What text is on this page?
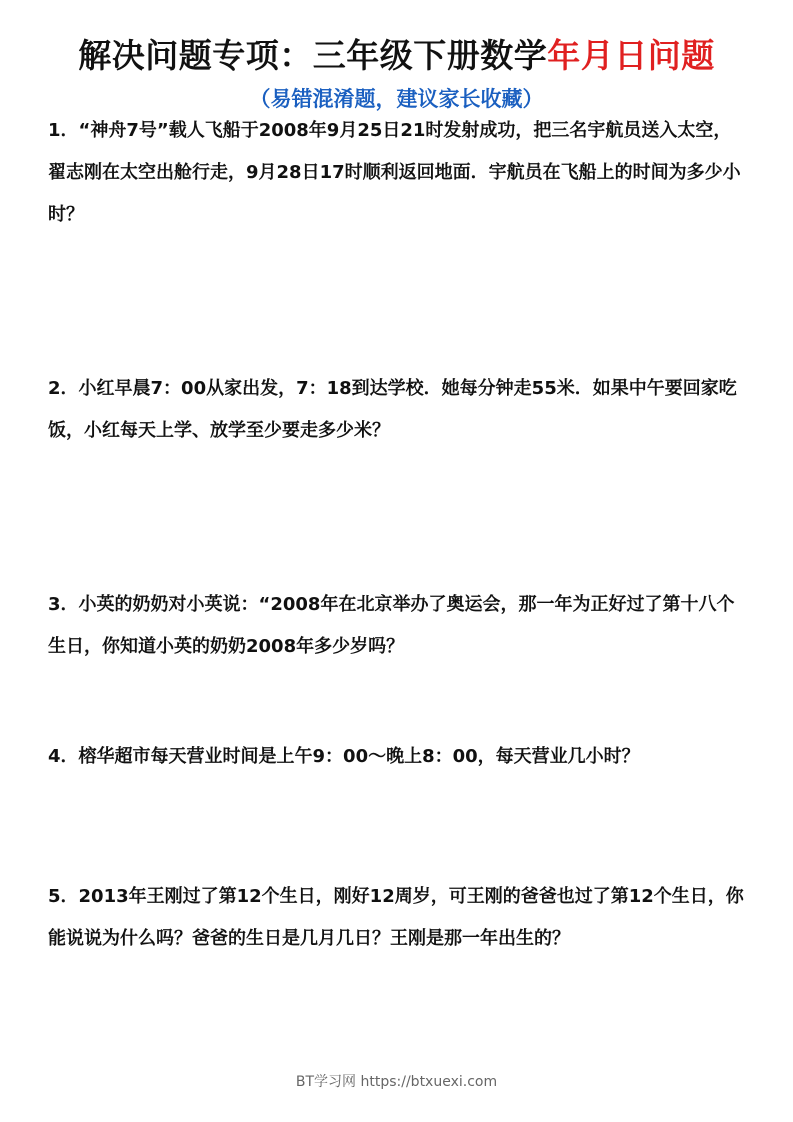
解决问题专项：三年级下册数学年月日问题
（易错混淆题，建议家长收藏）

1．“神舟7号”载人飞船于2008年9月25日21时发射成功，把三名宇航员送入太空，翟志刚在太空出舱行走，9月28日17时顺利返回地面．宇航员在飞船上的时间为多少小时？

2．小红早晨7：00从家出发，7：18到达学校．她每分钟走55米．如果中午要回家吃饭，小红每天上学、放学至少要走多少米？

3．小英的奶奶对小英说：“2008年在北京举办了奥运会，那一年为正好过了第十八个生日，你知道小英的奶奶2008年多少岁吗？

4．榕华超市每天营业时间是上午9：00～晚上8：00，每天营业几小时？

5．2013年王刚过了第12个生日，刚好12周岁，可王刚的爸爸也过了第12个生日，你能说说为什么吗？爸爸的生日是几月几日？王刚是那一年出生的？

BT学习网 https://btxuexi.com
